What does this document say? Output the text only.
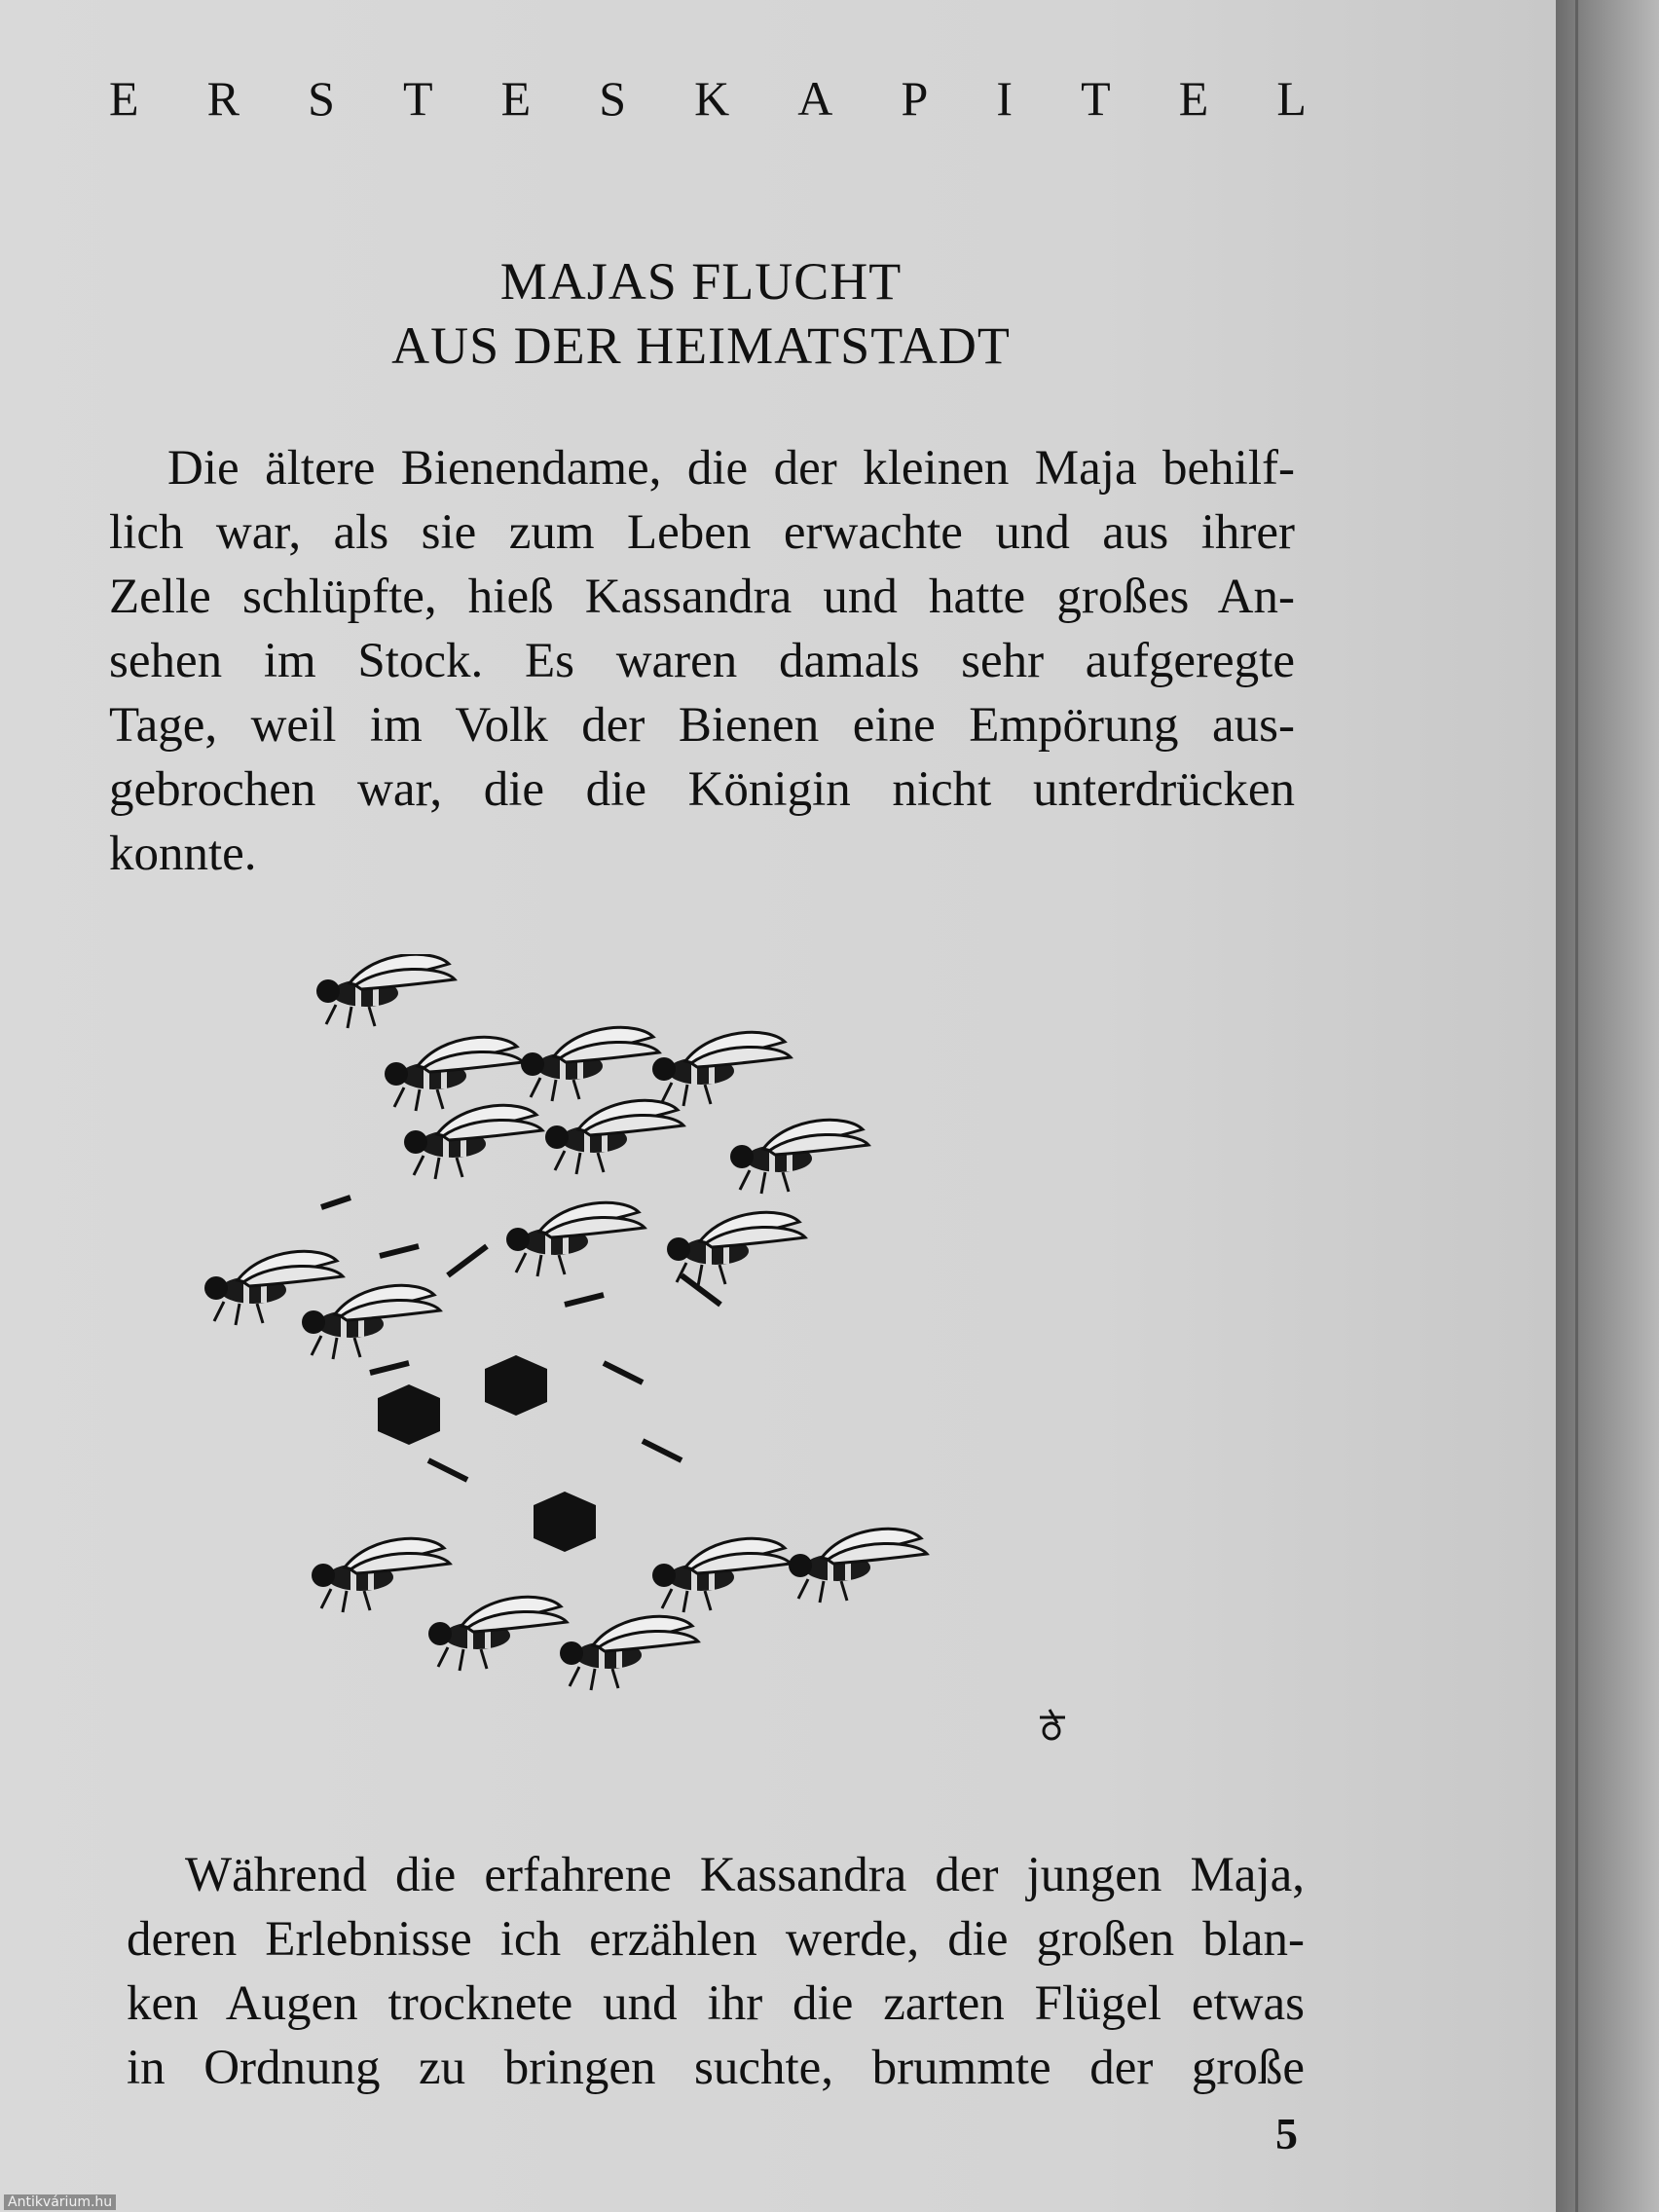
E R S T E S K A P I T E L
MAJAS FLUCHT
AUS DER HEIMATSTADT
Die ältere Bienendame, die der kleinen Maja behilf-
lich war, als sie zum Leben erwachte und aus ihrer
Zelle schlüpfte, hieß Kassandra und hatte großes An-
sehen im Stock. Es waren damals sehr aufgeregte
Tage, weil im Volk der Bienen eine Empörung aus-
gebrochen war, die die Königin nicht unterdrücken
konnte.
Während die erfahrene Kassandra der jungen Maja,
deren Erlebnisse ich erzählen werde, die großen blan-
ken Augen trocknete und ihr die zarten Flügel etwas
in Ordnung zu bringen suchte, brummte der große
5
Antikvárium.hu
